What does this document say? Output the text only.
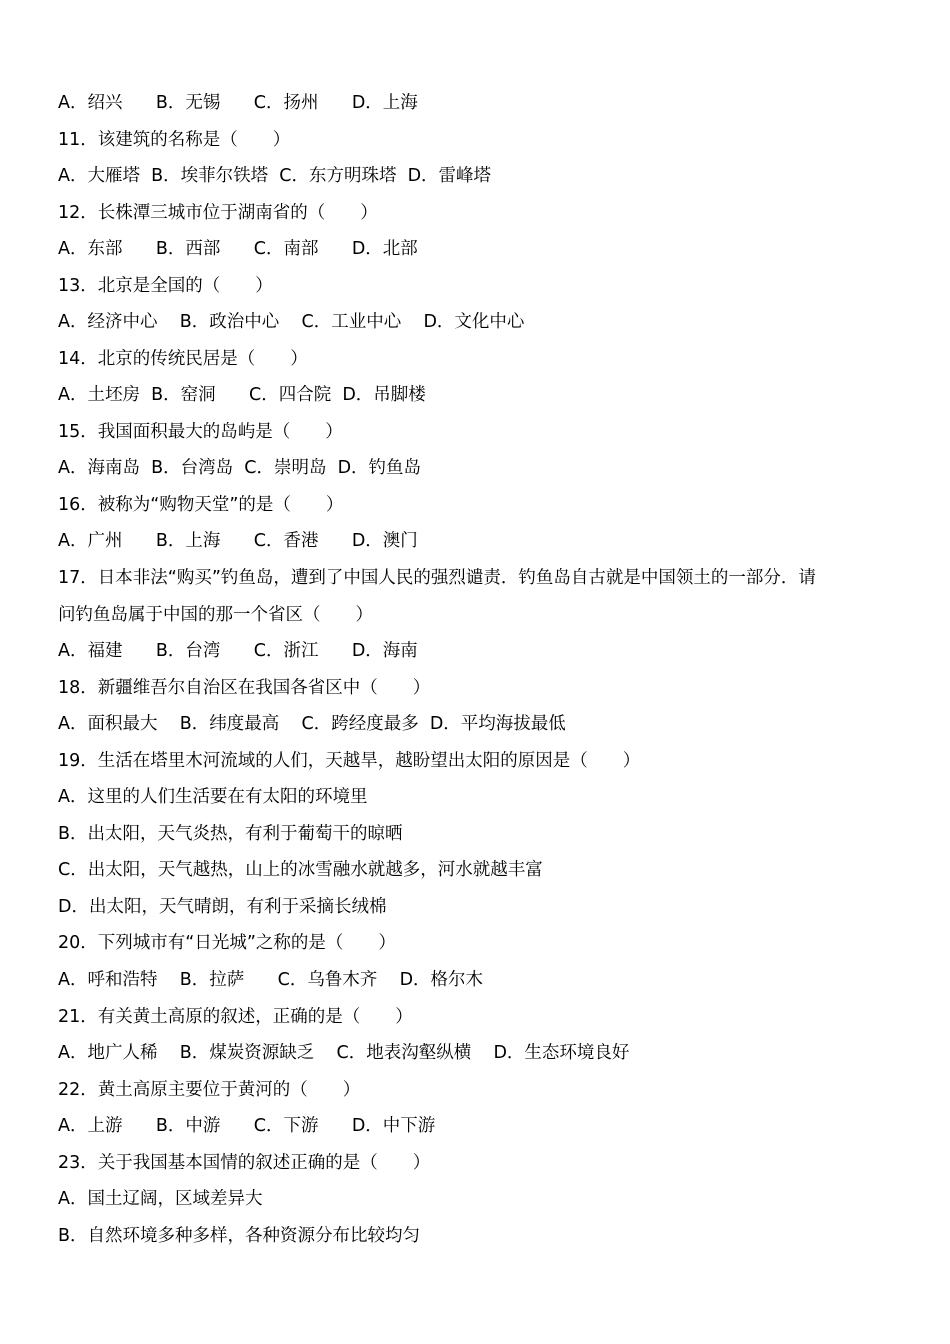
A．绍兴      B．无锡      C．扬州      D．上海
11．该建筑的名称是（　　）
A．大雁塔  B．埃菲尔铁塔  C．东方明珠塔  D．雷峰塔
12．长株潭三城市位于湖南省的（　　）
A．东部      B．西部      C．南部      D．北部
13．北京是全国的（　　）
A．经济中心    B．政治中心    C．工业中心    D．文化中心
14．北京的传统民居是（　　）
A．土坯房  B．窑洞      C．四合院  D．吊脚楼
15．我国面积最大的岛屿是（　　）
A．海南岛  B．台湾岛  C．崇明岛  D．钓鱼岛
16．被称为“购物天堂”的是（　　）
A．广州      B．上海      C．香港      D．澳门
17．日本非法“购买”钓鱼岛，遭到了中国人民的强烈谴责．钓鱼岛自古就是中国领土的一部分．请
问钓鱼岛属于中国的那一个省区（　　）
A．福建      B．台湾      C．浙江      D．海南
18．新疆维吾尔自治区在我国各省区中（　　）
A．面积最大    B．纬度最高    C．跨经度最多  D．平均海拔最低
19．生活在塔里木河流域的人们，天越旱，越盼望出太阳的原因是（　　）
A．这里的人们生活要在有太阳的环境里
B．出太阳，天气炎热，有利于葡萄干的晾晒
C．出太阳，天气越热，山上的冰雪融水就越多，河水就越丰富
D．出太阳，天气晴朗，有利于采摘长绒棉
20．下列城市有“日光城”之称的是（　　）
A．呼和浩特    B．拉萨      C．乌鲁木齐    D．格尔木
21．有关黄土高原的叙述，正确的是（　　）
A．地广人稀    B．煤炭资源缺乏    C．地表沟壑纵横    D．生态环境良好
22．黄土高原主要位于黄河的（　　）
A．上游      B．中游      C．下游      D．中下游
23．关于我国基本国情的叙述正确的是（　　）
A．国土辽阔，区域差异大
B．自然环境多种多样，各种资源分布比较均匀
